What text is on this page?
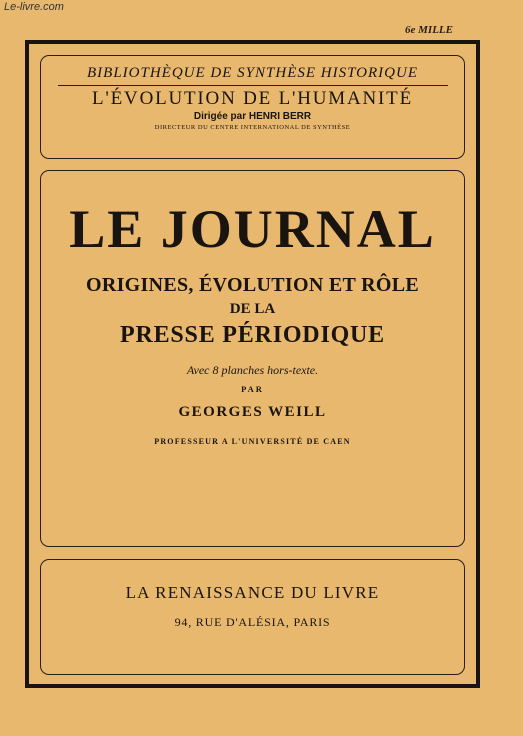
Le-livre.com
6e MILLE
BIBLIOTHÈQUE DE SYNTHÈSE HISTORIQUE
L'ÉVOLUTION DE L'HUMANITÉ
Dirigée par HENRI BERR
DIRECTEUR DU CENTRE INTERNATIONAL DE SYNTHÈSE
LE JOURNAL
ORIGINES, ÉVOLUTION ET RÔLE
DE LA
PRESSE PÉRIODIQUE
Avec 8 planches hors-texte.
PAR
GEORGES WEILL
PROFESSEUR A L'UNIVERSITÉ DE CAEN
LA RENAISSANCE DU LIVRE
94, RUE D'ALÉSIA, PARIS
